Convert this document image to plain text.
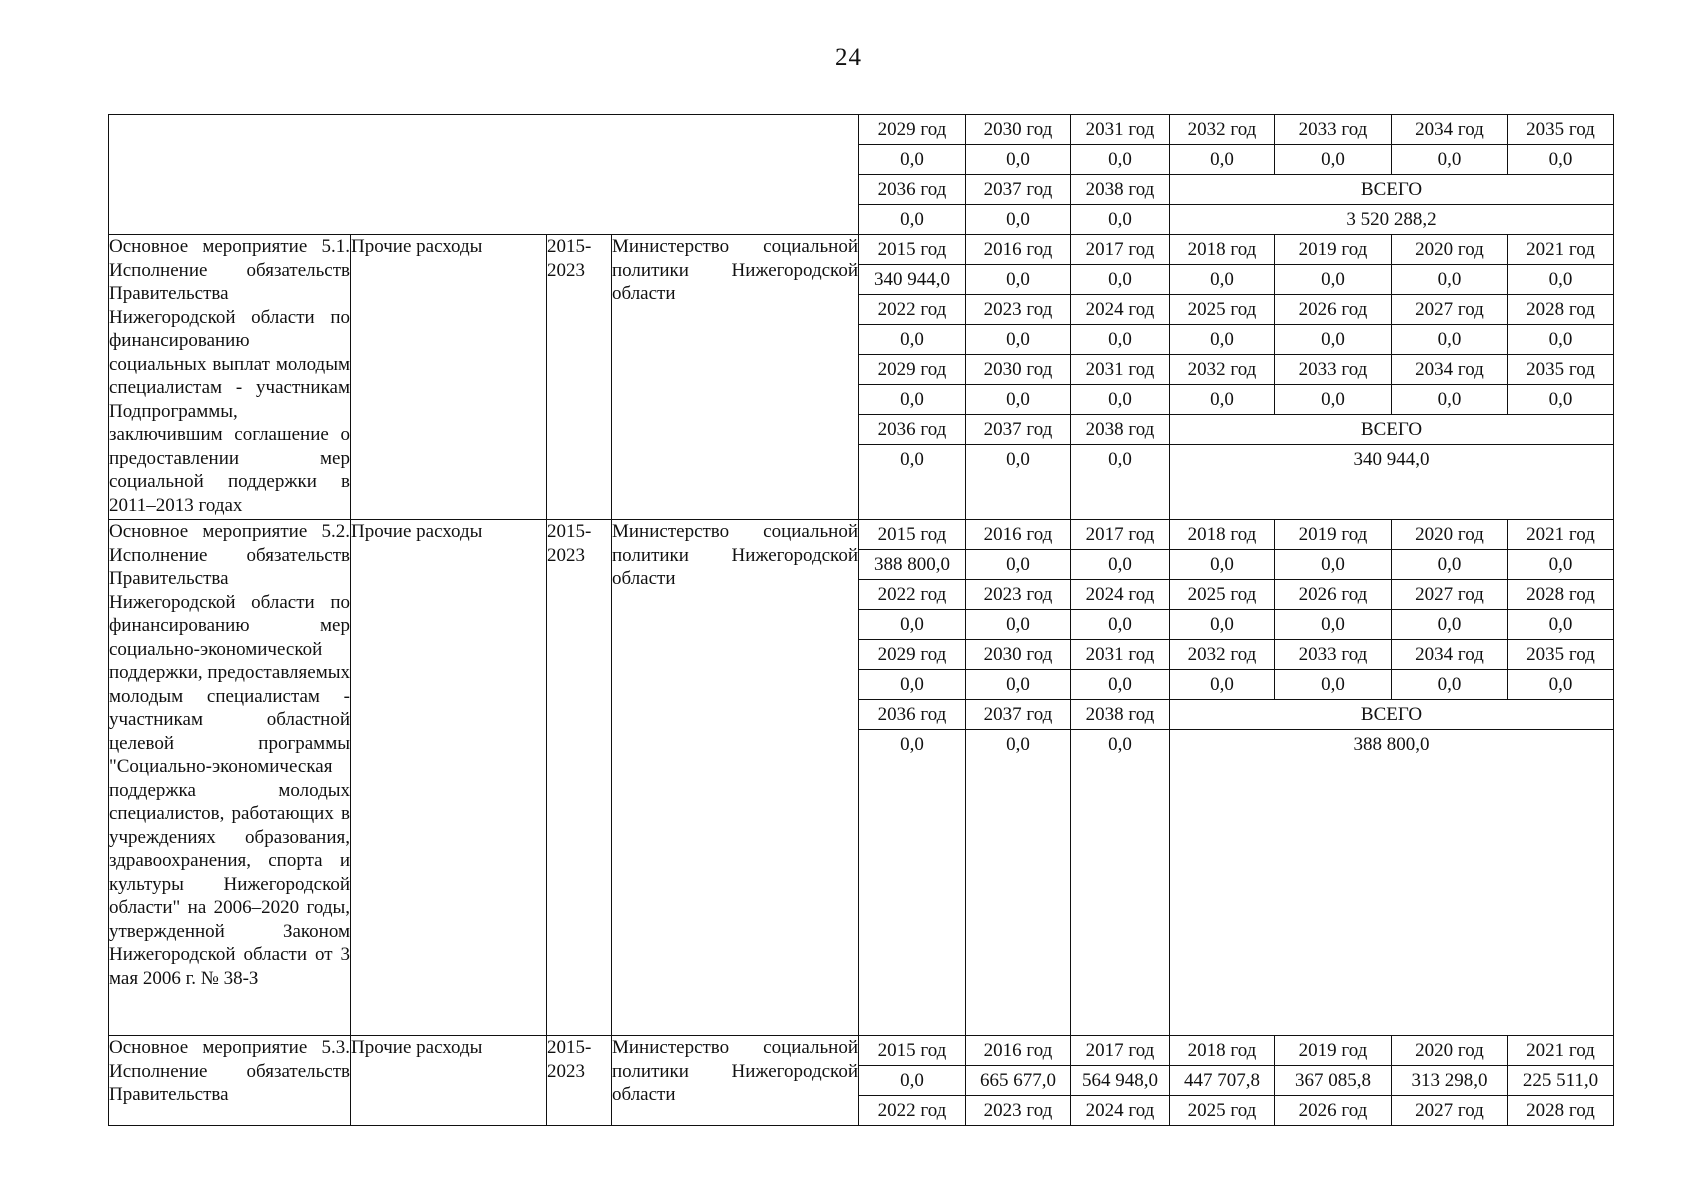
24
				2029 год	2030 год	2031 год	2032 год	2033 год	2034 год	2035 год
				0,0	0,0	0,0	0,0	0,0	0,0	0,0
				2036 год	2037 год	2038 год	ВСЕГО			
				0,0	0,0	0,0	3 520 288,2			
Основное мероприятие 5.1. Исполнение обязательств Правительства Нижегородской области по финансированию социальных выплат молодым специалистам - участникам Подпрограммы, заключившим соглашение о предоставлении мер социальной поддержки в 2011–2013 годах	Прочие расходы	2015-2023	Министерство социальной политики Нижегородской области	2015 год	2016 год	2017 год	2018 год	2019 год	2020 год	2021 год
				340 944,0	0,0	0,0	0,0	0,0	0,0	0,0
				2022 год	2023 год	2024 год	2025 год	2026 год	2027 год	2028 год
				0,0	0,0	0,0	0,0	0,0	0,0	0,0
				2029 год	2030 год	2031 год	2032 год	2033 год	2034 год	2035 год
				0,0	0,0	0,0	0,0	0,0	0,0	0,0
				2036 год	2037 год	2038 год	ВСЕГО			
				0,0	0,0	0,0	340 944,0			
Основное мероприятие 5.2. Исполнение обязательств Правительства Нижегородской области по финансированию мер социально-экономической поддержки, предоставляемых молодым специалистам - участникам областной целевой программы "Социально-экономическая поддержка молодых специалистов, работающих в учреждениях образования, здравоохранения, спорта и культуры Нижегородской области" на 2006–2020 годы, утвержденной Законом Нижегородской области от 3 мая 2006 г. № 38-З	Прочие расходы	2015-2023	Министерство социальной политики Нижегородской области	2015 год	2016 год	2017 год	2018 год	2019 год	2020 год	2021 год
				388 800,0	0,0	0,0	0,0	0,0	0,0	0,0
				2022 год	2023 год	2024 год	2025 год	2026 год	2027 год	2028 год
				0,0	0,0	0,0	0,0	0,0	0,0	0,0
				2029 год	2030 год	2031 год	2032 год	2033 год	2034 год	2035 год
				0,0	0,0	0,0	0,0	0,0	0,0	0,0
				2036 год	2037 год	2038 год	ВСЕГО			
				0,0	0,0	0,0	388 800,0			
Основное мероприятие 5.3. Исполнение обязательств Правительства	Прочие расходы	2015-2023	Министерство социальной политики Нижегородской области	2015 год	2016 год	2017 год	2018 год	2019 год	2020 год	2021 год
				0,0	665 677,0	564 948,0	447 707,8	367 085,8	313 298,0	225 511,0
				2022 год	2023 год	2024 год	2025 год	2026 год	2027 год	2028 год
